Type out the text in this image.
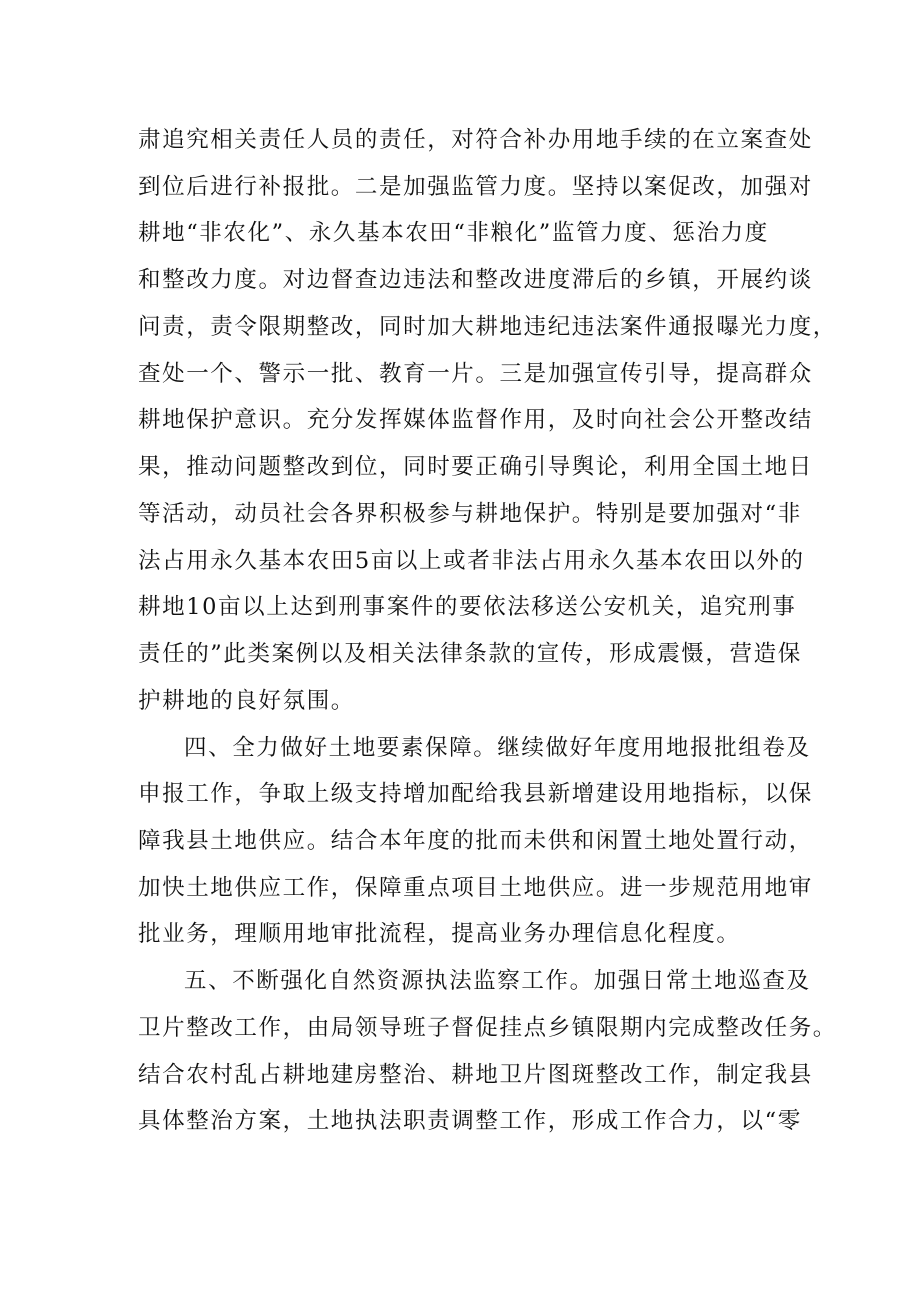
肃追究相关责任人员的责任，对符合补办用地手续的在立案查处
到位后进行补报批。二是加强监管力度。坚持以案促改，加强对
耕地“非农化”、永久基本农田“非粮化”监管力度、惩治力度
和整改力度。对边督查边违法和整改进度滞后的乡镇，开展约谈
问责，责令限期整改，同时加大耕地违纪违法案件通报曝光力度，
查处一个、警示一批、教育一片。三是加强宣传引导，提高群众
耕地保护意识。充分发挥媒体监督作用，及时向社会公开整改结
果，推动问题整改到位，同时要正确引导舆论，利用全国土地日
等活动，动员社会各界积极参与耕地保护。特别是要加强对“非
法占用永久基本农田5亩以上或者非法占用永久基本农田以外的
耕地10亩以上达到刑事案件的要依法移送公安机关，追究刑事
责任的”此类案例以及相关法律条款的宣传，形成震慑，营造保
护耕地的良好氛围。
四、全力做好土地要素保障。继续做好年度用地报批组卷及
申报工作，争取上级支持增加配给我县新增建设用地指标，以保
障我县土地供应。结合本年度的批而未供和闲置土地处置行动，
加快土地供应工作，保障重点项目土地供应。进一步规范用地审
批业务，理顺用地审批流程，提高业务办理信息化程度。
五、不断强化自然资源执法监察工作。加强日常土地巡查及
卫片整改工作，由局领导班子督促挂点乡镇限期内完成整改任务。
结合农村乱占耕地建房整治、耕地卫片图斑整改工作，制定我县
具体整治方案，土地执法职责调整工作，形成工作合力，以“零
